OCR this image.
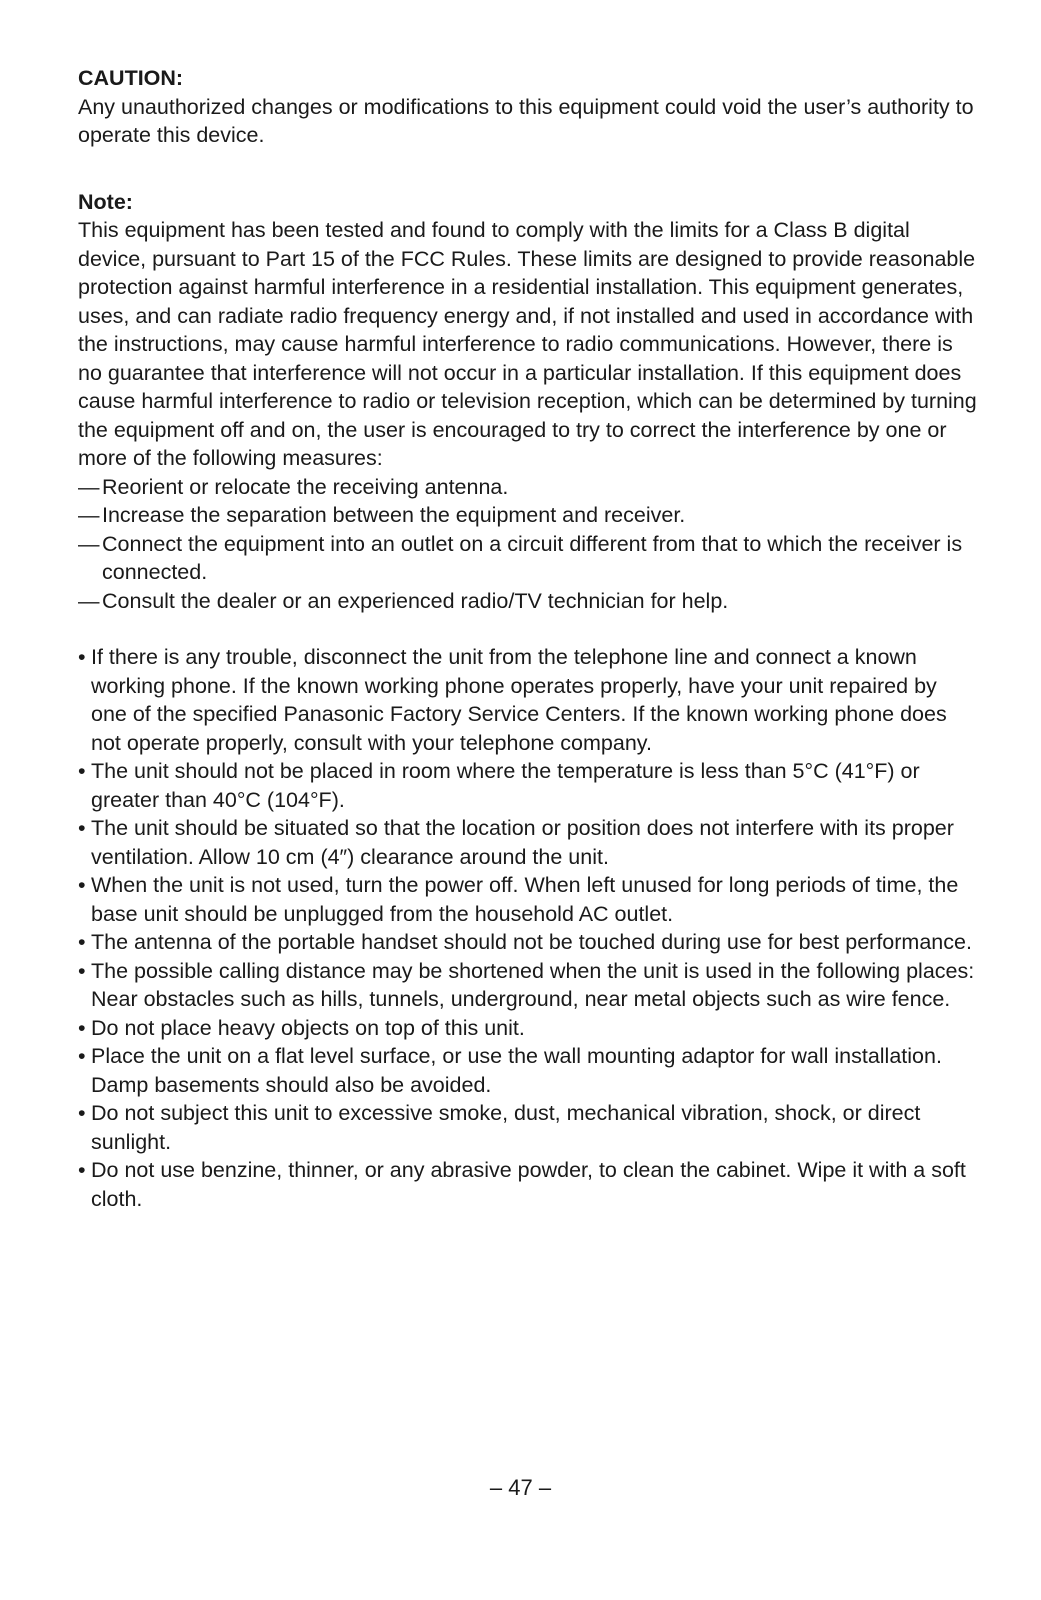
CAUTION:

Any unauthorized changes or modifications to this equipment could void the user’s authority to operate this device.

Note:

This equipment has been tested and found to comply with the limits for a Class B digital device, pursuant to Part 15 of the FCC Rules. These limits are designed to provide reasonable protection against harmful interference in a residential installation. This equipment generates, uses, and can radiate radio frequency energy and, if not installed and used in accordance with the instructions, may cause harmful interference to radio communications. However, there is no guarantee that interference will not occur in a particular installation. If this equipment does cause harmful interference to radio or television reception, which can be determined by turning the equipment off and on, the user is encouraged to try to correct the interference by one or more of the following measures:

— Reorient or relocate the receiving antenna.
— Increase the separation between the equipment and receiver.
— Connect the equipment into an outlet on a circuit different from that to which the receiver is connected.
— Consult the dealer or an experienced radio/TV technician for help.
• If there is any trouble, disconnect the unit from the telephone line and connect a known working phone. If the known working phone operates properly, have your unit repaired by one of the specified Panasonic Factory Service Centers. If the known working phone does not operate properly, consult with your telephone company.
• The unit should not be placed in room where the temperature is less than 5°C (41°F) or greater than 40°C (104°F).
• The unit should be situated so that the location or position does not interfere with its proper ventilation. Allow 10 cm (4″) clearance around the unit.
• When the unit is not used, turn the power off. When left unused for long periods of time, the base unit should be unplugged from the household AC outlet.
• The antenna of the portable handset should not be touched during use for best performance.
• The possible calling distance may be shortened when the unit is used in the following places:
Near obstacles such as hills, tunnels, underground, near metal objects such as wire fence.
• Do not place heavy objects on top of this unit.
• Place the unit on a flat level surface, or use the wall mounting adaptor for wall installation. Damp basements should also be avoided.
• Do not subject this unit to excessive smoke, dust, mechanical vibration, shock, or direct sunlight.
• Do not use benzine, thinner, or any abrasive powder, to clean the cabinet. Wipe it with a soft cloth.
– 47 –
